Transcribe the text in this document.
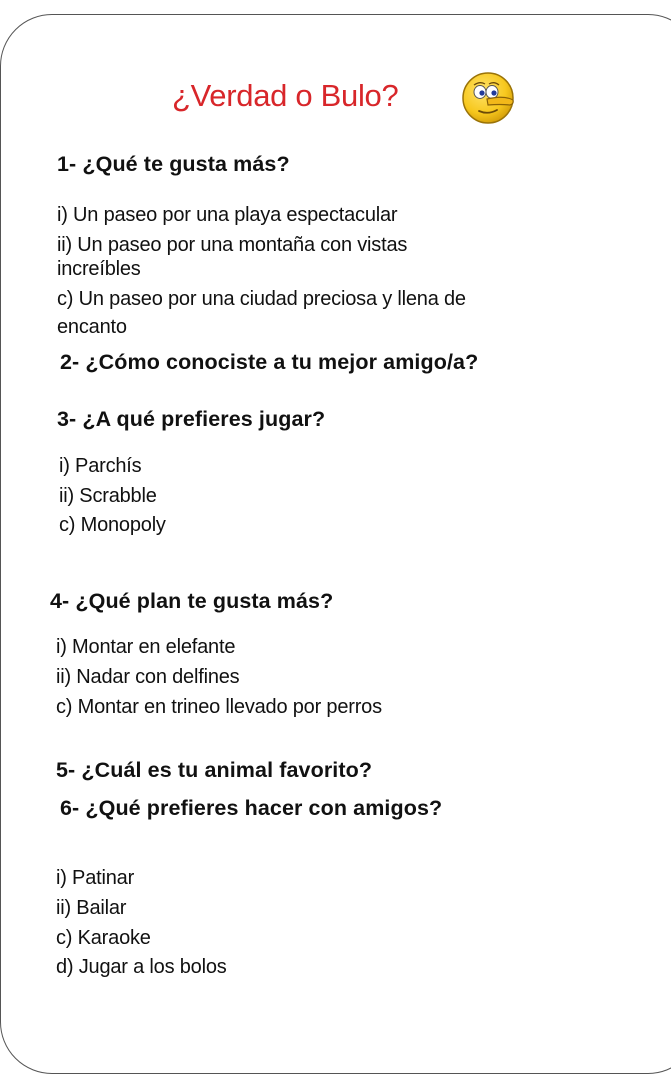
¿Verdad o Bulo?
1- ¿Qué te gusta más?
i) Un paseo por una playa espectacular
ii) Un paseo por una montaña con vistas
increíbles
c) Un paseo por una ciudad preciosa y llena de
encanto
2- ¿Cómo conociste a tu mejor amigo/a?
3- ¿A qué prefieres jugar?
i) Parchís
ii) Scrabble
c) Monopoly
4- ¿Qué plan te gusta más?
i) Montar en elefante
ii) Nadar con delfines
c) Montar en trineo llevado por perros
5- ¿Cuál es tu animal favorito?
6- ¿Qué prefieres hacer con amigos?
i) Patinar
ii) Bailar
c) Karaoke
d) Jugar a los bolos
